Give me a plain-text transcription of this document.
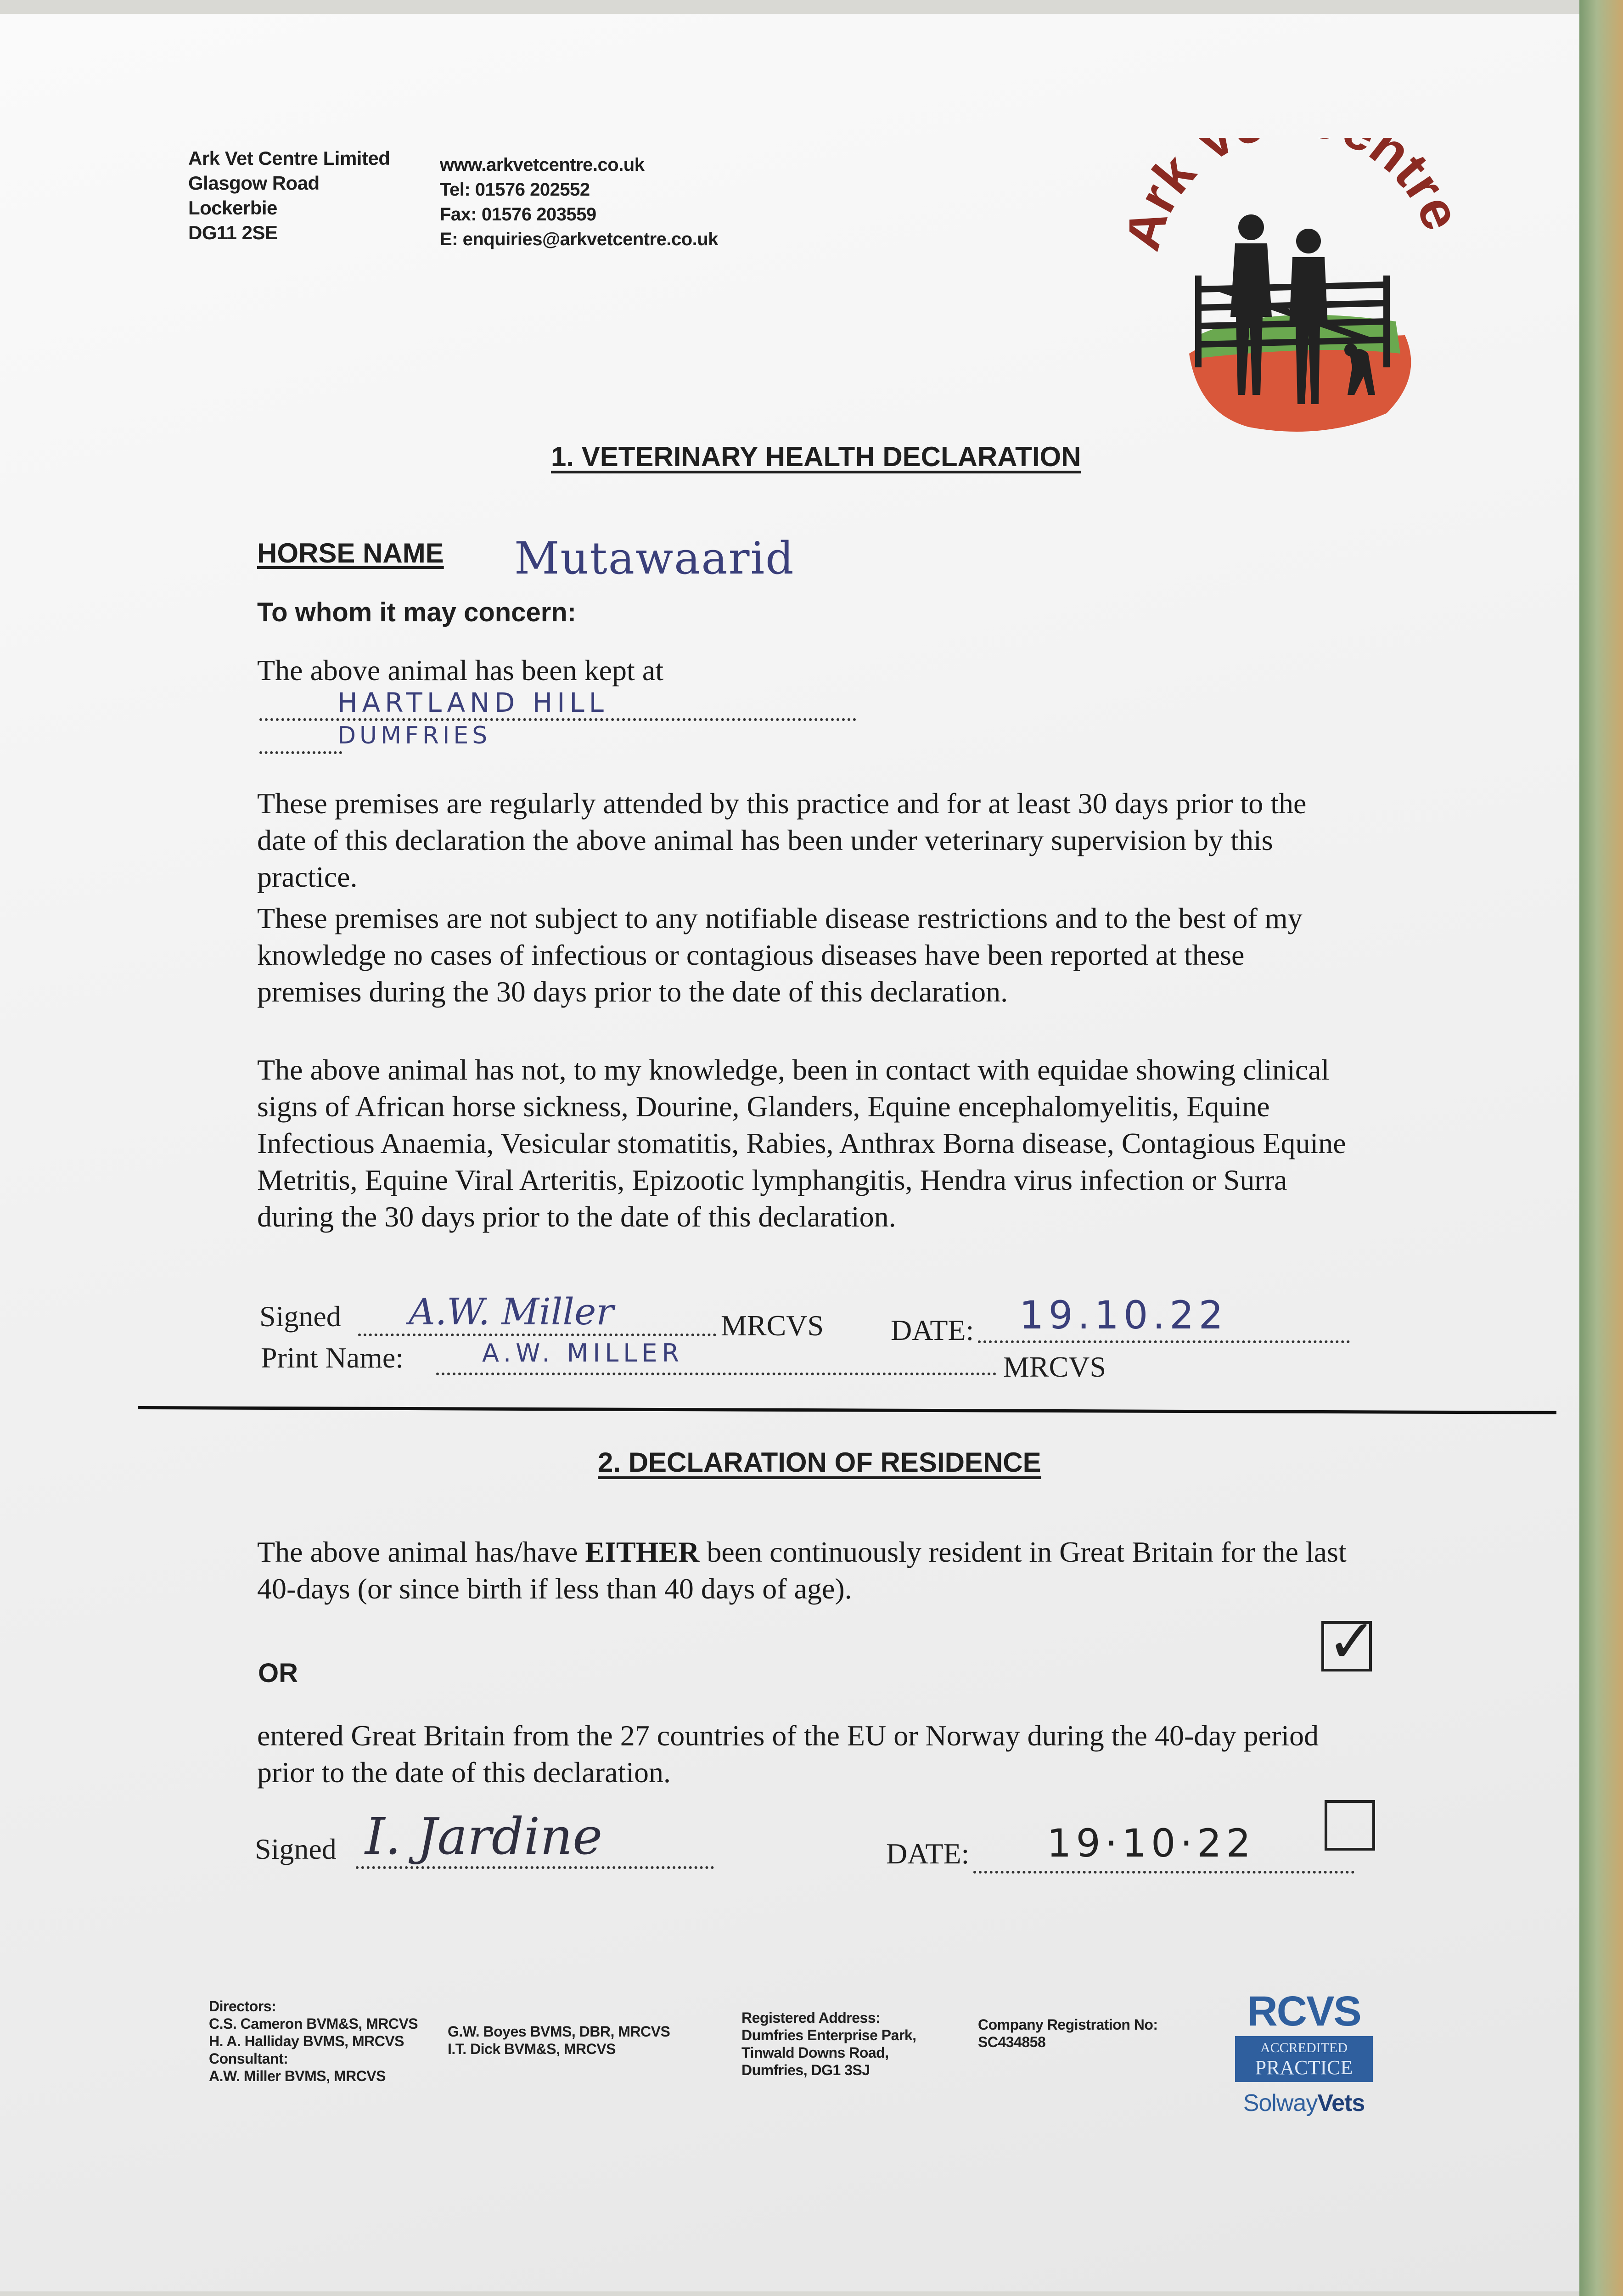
Ark Vet Centre Limited
Glasgow Road
Lockerbie
DG11 2SE
www.arkvetcentre.co.uk
Tel: 01576 202552
Fax: 01576 203559
E: enquiries@arkvetcentre.co.uk
rk V ntr
1. VETERINARY HEALTH DECLARATION
HORSE NAME Mutawaarid
To whom it may concern:
The above animal has been kept at
HARTLAND HILL
DUMFRIES
These premises are regularly attended by this practice and for at least 30 days prior to the date of this declaration the above animal has been under veterinary supervision by this practice.
These premises are not subject to any notifiable disease restrictions and to the best of my knowledge no cases of infectious or contagious diseases have been reported at these premises during the 30 days prior to the date of this declaration.
The above animal has not, to my knowledge, been in contact with equidae showing clinical signs of African horse sickness, Dourine, Glanders, Equine encephalomyelitis, Equine Infectious Anaemia, Vesicular stomatitis, Rabies, Anthrax Borna disease, Contagious Equine Metritis, Equine Viral Arteritis, Epizootic lymphangitis, Hendra virus infection or Surra during the 30 days prior to the date of this declaration.
Signed A.W. Miller	MRCVS DATE: 19.10.22
Print Name:	A.W. MILLER	MRCVS
2. DECLARATION OF RESIDENCE
The above animal has/have EITHER been continuously resident in Great Britain for the last 40-days (or since birth if less than 40 days of age).
✓
OR
entered Great Britain from the 27 countries of the EU or Norway during the 40-day period prior to the date of this declaration.
Signed I. Jardine	DATE: 19·10·22
Directors:
C.S. Cameron BVM&S, MRCVS
H. A. Halliday BVMS, MRCVS
Consultant:
A.W. Miller BVMS, MRCVS
G.W. Boyes BVMS, DBR, MRCVS
I.T. Dick BVM&S, MRCVS
Registered Address:
Dumfries Enterprise Park,
Tinwald Downs Road,
Dumfries, DG1 3SJ
Company Registration No:
SC434858
RCVS
ACCREDITED
PRACTICE
SolwayVets
